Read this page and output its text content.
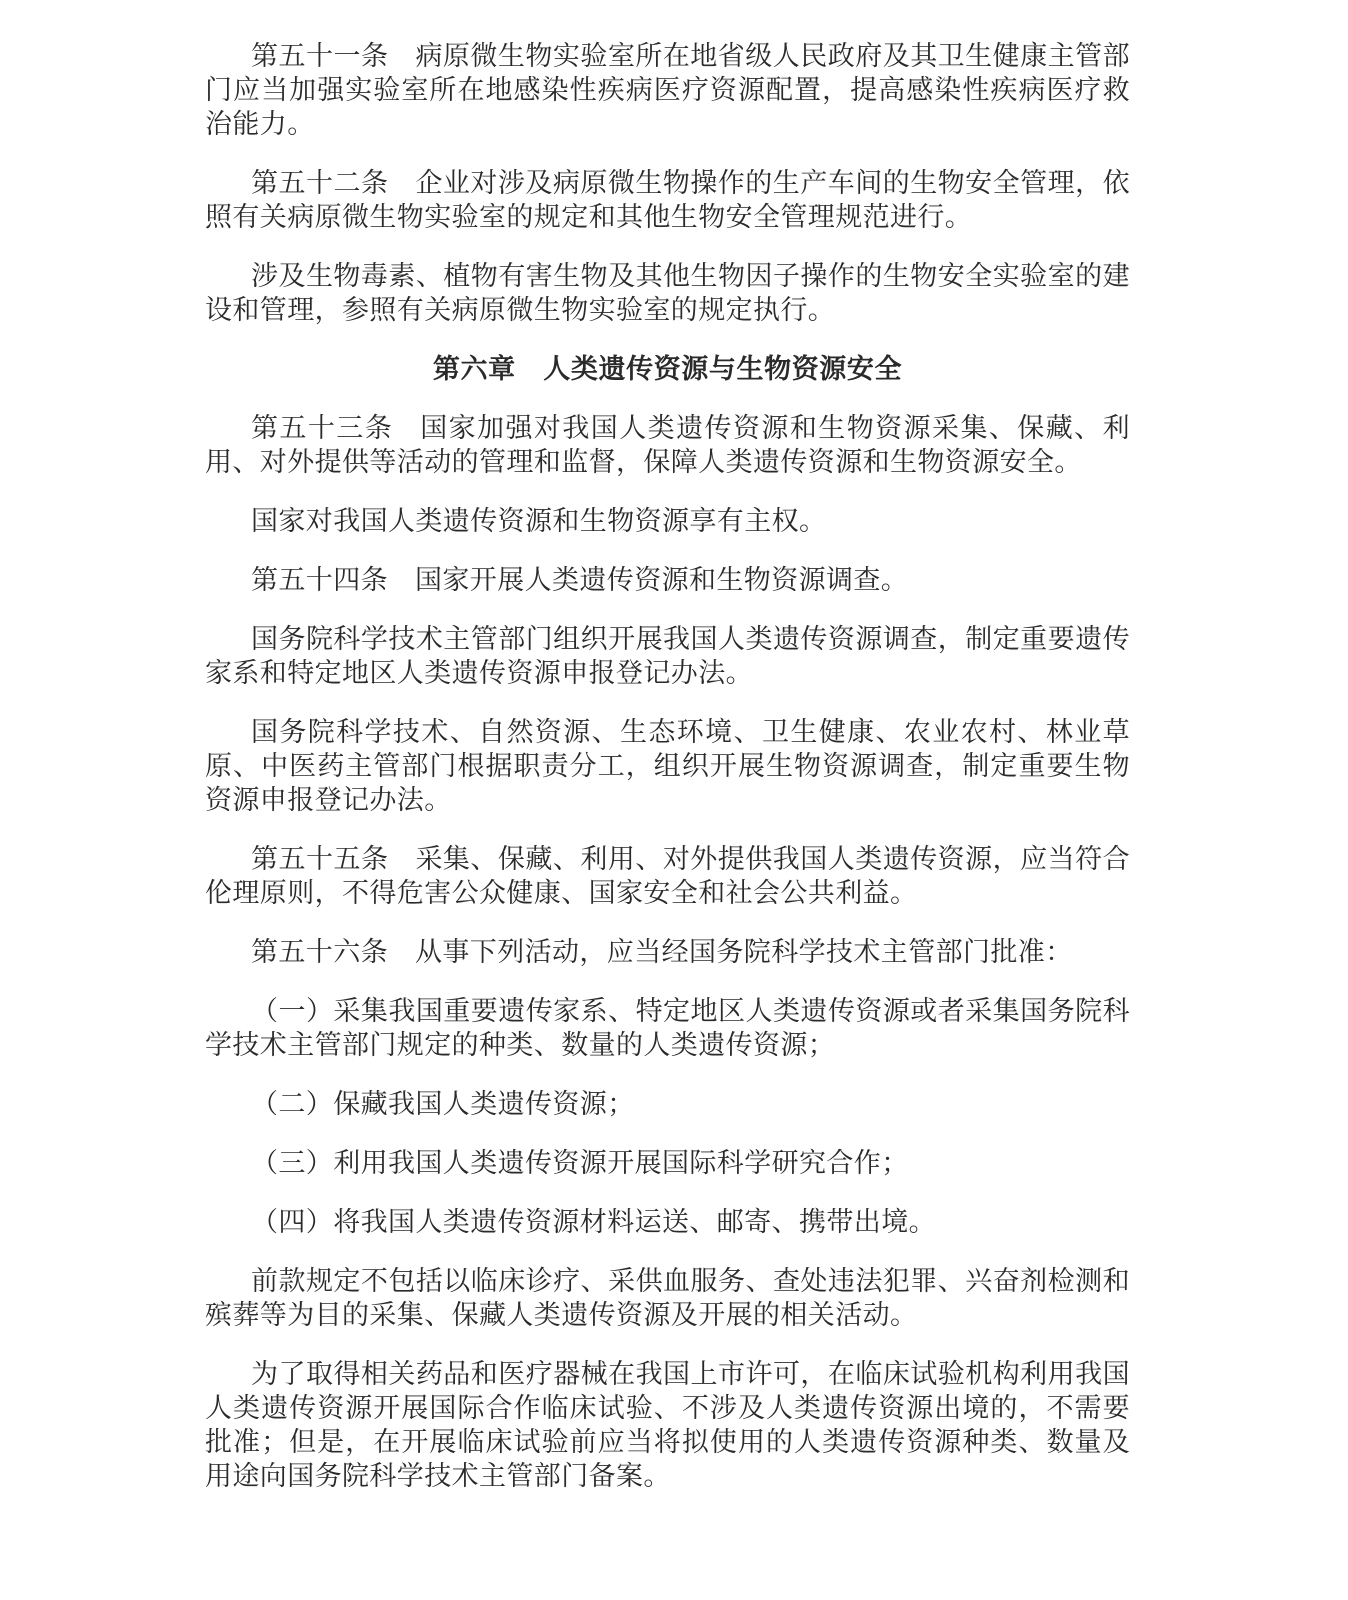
第五十一条 病原微生物实验室所在地省级人民政府及其卫生健康主管部门应当加强实验室所在地感染性疾病医疗资源配置，提高感染性疾病医疗救治能力。

第五十二条 企业对涉及病原微生物操作的生产车间的生物安全管理，依照有关病原微生物实验室的规定和其他生物安全管理规范进行。

涉及生物毒素、植物有害生物及其他生物因子操作的生物安全实验室的建设和管理，参照有关病原微生物实验室的规定执行。

第六章　人类遗传资源与生物资源安全

第五十三条 国家加强对我国人类遗传资源和生物资源采集、保藏、利用、对外提供等活动的管理和监督，保障人类遗传资源和生物资源安全。

国家对我国人类遗传资源和生物资源享有主权。

第五十四条 国家开展人类遗传资源和生物资源调查。

国务院科学技术主管部门组织开展我国人类遗传资源调查，制定重要遗传家系和特定地区人类遗传资源申报登记办法。

国务院科学技术、自然资源、生态环境、卫生健康、农业农村、林业草原、中医药主管部门根据职责分工，组织开展生物资源调查，制定重要生物资源申报登记办法。

第五十五条 采集、保藏、利用、对外提供我国人类遗传资源，应当符合伦理原则，不得危害公众健康、国家安全和社会公共利益。

第五十六条 从事下列活动，应当经国务院科学技术主管部门批准：

（一）采集我国重要遗传家系、特定地区人类遗传资源或者采集国务院科学技术主管部门规定的种类、数量的人类遗传资源；

（二）保藏我国人类遗传资源；

（三）利用我国人类遗传资源开展国际科学研究合作；

（四）将我国人类遗传资源材料运送、邮寄、携带出境。

前款规定不包括以临床诊疗、采供血服务、查处违法犯罪、兴奋剂检测和殡葬等为目的采集、保藏人类遗传资源及开展的相关活动。

为了取得相关药品和医疗器械在我国上市许可，在临床试验机构利用我国人类遗传资源开展国际合作临床试验、不涉及人类遗传资源出境的，不需要批准；但是，在开展临床试验前应当将拟使用的人类遗传资源种类、数量及用途向国务院科学技术主管部门备案。
